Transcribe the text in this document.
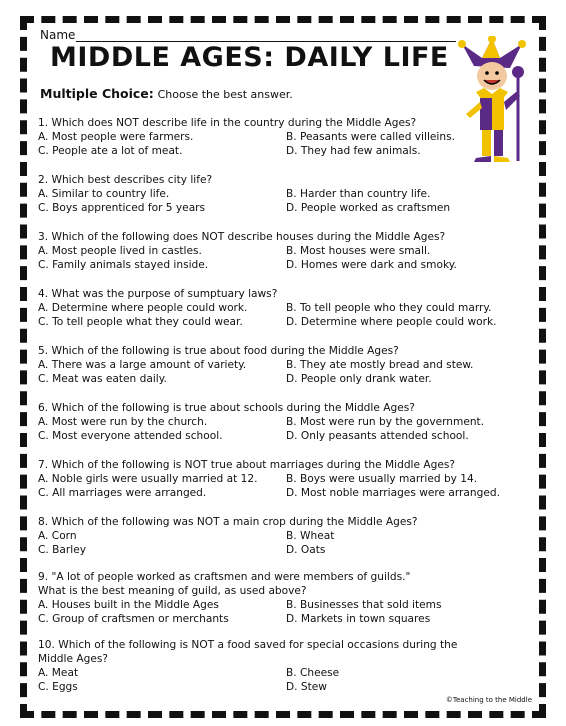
Name
MIDDLE AGES: DAILY LIFE
Multiple Choice: Choose the best answer.
1. Which does NOT describe life in the country during the Middle Ages?
A. Most people were farmers.	B. Peasants were called villeins.
C. People ate a lot of meat.	D. They had few animals.
2. Which best describes city life?
A. Similar to country life.	B. Harder than country life.
C. Boys apprenticed for 5 years	D. People worked as craftsmen
3. Which of the following does NOT describe houses during the Middle Ages?
A. Most people lived in castles.	B. Most houses were small.
C. Family animals stayed inside.	D. Homes were dark and smoky.
4. What was the purpose of sumptuary laws?
A. Determine where people could work.	B. To tell people who they could marry.
C. To tell people what they could wear.	D. Determine where people could work.
5. Which of the following is true about food during the Middle Ages?
A. There was a large amount of variety.	B. They ate mostly bread and stew.
C. Meat was eaten daily.	D. People only drank water.
6. Which of the following is true about schools during the Middle Ages?
A. Most were run by the church.	B. Most were run by the government.
C. Most everyone attended school.	D. Only peasants attended school.
7. Which of the following is NOT true about marriages during the Middle Ages?
A. Noble girls were usually married at 12.	B. Boys were usually married by 14.
C. All marriages were arranged.	D. Most noble marriages were arranged.
8. Which of the following was NOT a main crop during the Middle Ages?
A. Corn	B. Wheat
C. Barley	D. Oats
9. "A lot of people worked as craftsmen and were members of guilds."
What is the best meaning of guild, as used above?
A. Houses built in the Middle Ages	B. Businesses that sold items
C. Group of craftsmen or merchants	D. Markets in town squares
10. Which of the following is NOT a food saved for special occasions during the
Middle Ages?
A. Meat	B. Cheese
C. Eggs	D. Stew
©Teaching to the Middle
